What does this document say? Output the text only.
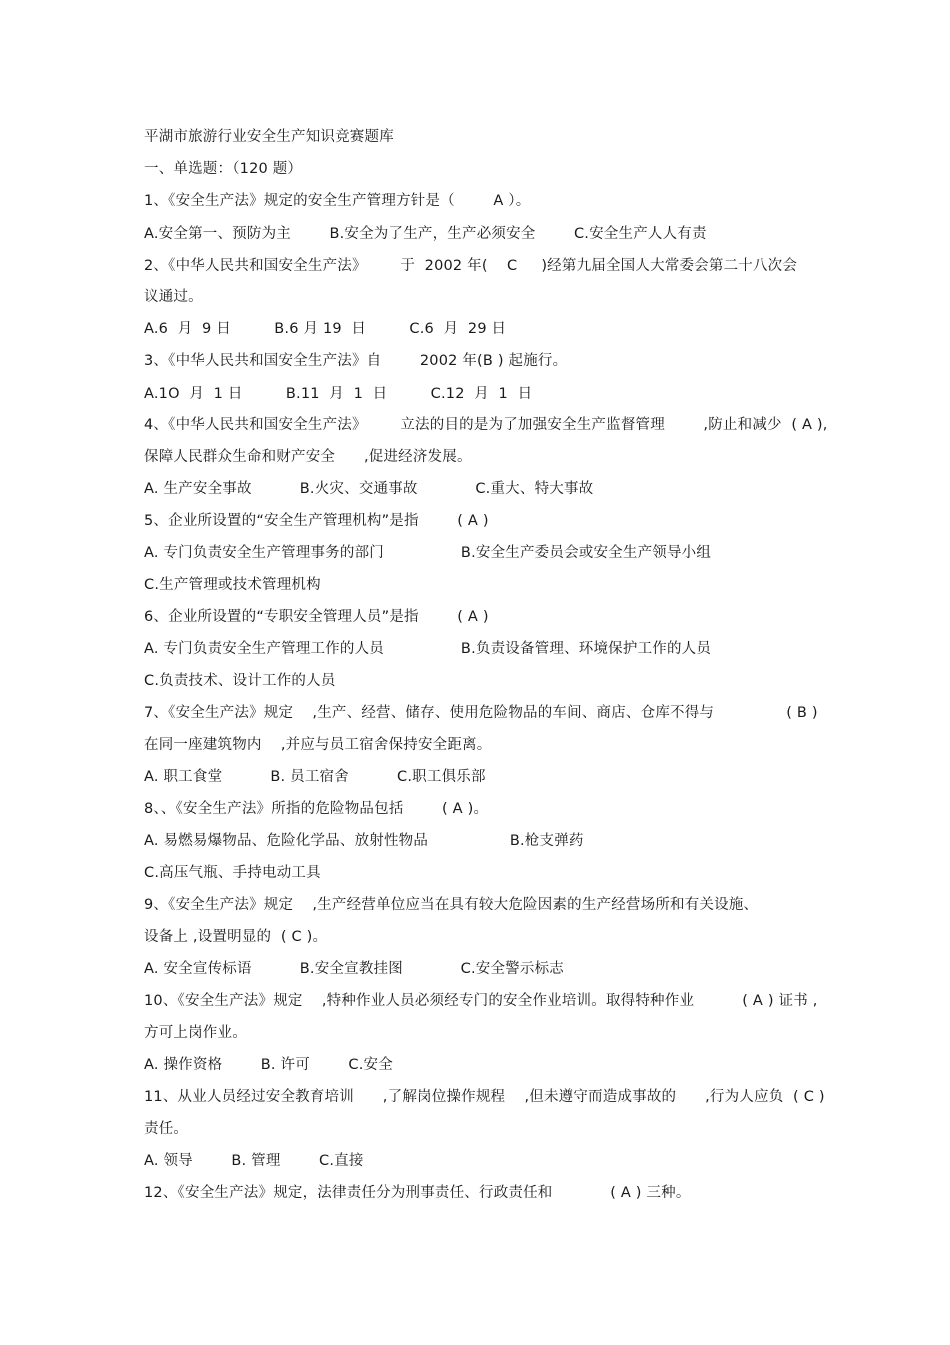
平湖市旅游行业安全生产知识竞赛题库
一、单选题：（120 题）
1、《安全生产法》规定的安全生产管理方针是（        A ）。
A.安全第一、预防为主        B.安全为了生产，生产必须安全        C.安全生产人人有责
2、《中华人民共和国安全生产法》       于  2002 年(    C     )经第九届全国人大常委会第二十八次会
议通过。
A.6  月  9 日         B.6 月 19  日         C.6  月  29 日
3、《中华人民共和国安全生产法》自        2002 年(B ) 起施行。
A.1O  月  1 日         B.11  月  1  日         C.12  月  1  日
4、《中华人民共和国安全生产法》       立法的目的是为了加强安全生产监督管理        ,防止和减少  ( A ),
保障人民群众生命和财产安全      ,促进经济发展。
A. 生产安全事故          B.火灾、交通事故            C.重大、特大事故
5、企业所设置的“安全生产管理机构”是指        ( A )
A. 专门负责安全生产管理事务的部门                B.安全生产委员会或安全生产领导小组
C.生产管理或技术管理机构
6、企业所设置的“专职安全管理人员”是指        ( A )
A. 专门负责安全生产管理工作的人员                B.负责设备管理、环境保护工作的人员
C.负责技术、设计工作的人员
7、《安全生产法》规定    ,生产、经营、储存、使用危险物品的车间、商店、仓库不得与               ( B )
在同一座建筑物内    ,并应与员工宿舍保持安全距离。
A. 职工食堂          B. 员工宿舍          C.职工俱乐部
8、、《安全生产法》所指的危险物品包括        ( A )。
A. 易燃易爆物品、危险化学品、放射性物品                 B.枪支弹药
C.高压气瓶、手持电动工具
9、《安全生产法》规定    ,生产经营单位应当在具有较大危险因素的生产经营场所和有关设施、
设备上 ,设置明显的  ( C )。
A. 安全宣传标语          B.安全宣教挂图            C.安全警示标志
10、《安全生产法》规定    ,特种作业人员必须经专门的安全作业培训。取得特种作业          ( A ) 证书 ,
方可上岗作业。
A. 操作资格        B. 许可        C.安全
11、从业人员经过安全教育培训      ,了解岗位操作规程    ,但未遵守而造成事故的      ,行为人应负  ( C )
责任。
A. 领导        B. 管理        C.直接
12、《安全生产法》规定，法律责任分为刑事责任、行政责任和            ( A ) 三种。
